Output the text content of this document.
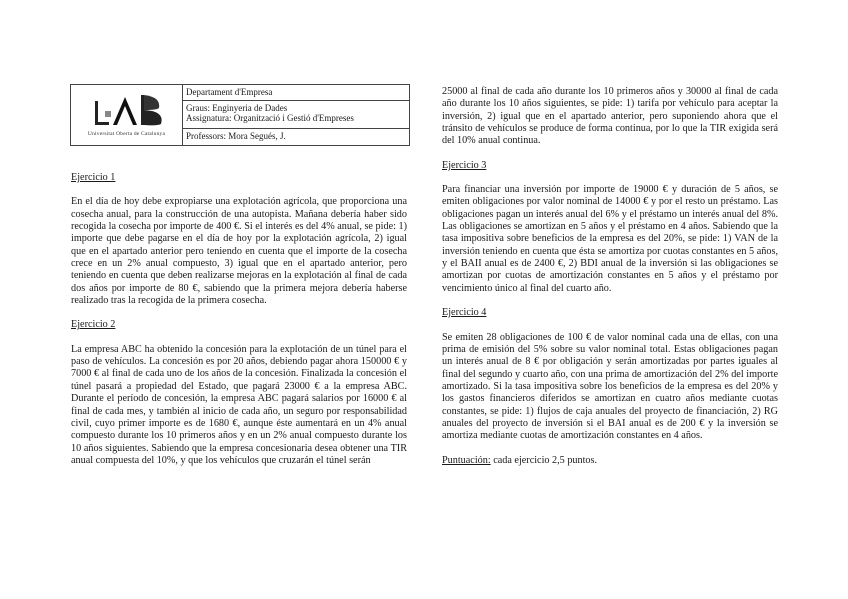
Universitat Oberta de Catalunya
Departament d'Empresa
Graus: Enginyeria de Dades
Assignatura: Organització i Gestió d'Empreses
Professors: Mora Segués, J.
Ejercicio 1

En el día de hoy debe expropiarse una explotación agrícola, que proporciona una cosecha anual, para la construcción de una autopista. Mañana debería haber sido recogida la cosecha por importe de 400 €. Si el interés es del 4% anual, se pide: 1) importe que debe pagarse en el día de hoy por la explotación agrícola, 2) igual que en el apartado anterior pero teniendo en cuenta que el importe de la cosecha crece en un 2% anual compuesto, 3) igual que en el apartado anterior, pero teniendo en cuenta que deben realizarse mejoras en la explotación al final de cada dos años por importe de 80 €, sabiendo que la primera mejora debería haberse realizado tras la recogida de la primera cosecha.

Ejercicio 2

La empresa ABC ha obtenido la concesión para la explotación de un túnel para el paso de vehículos. La concesión es por 20 años, debiendo pagar ahora 150000 € y 7000 € al final de cada uno de los años de la concesión. Finalizada la concesión el túnel pasará a propiedad del Estado, que pagará 23000 € a la empresa ABC. Durante el período de concesión, la empresa ABC pagará salarios por 16000 € al final de cada mes, y también al inicio de cada año, un seguro por responsabilidad civil, cuyo primer importe es de 1680 €, aunque éste aumentará en un 4% anual compuesto durante los 10 primeros años y en un 2% anual compuesto durante los 10 años siguientes. Sabiendo que la empresa concesionaria desea obtener una TIR anual compuesta del 10%, y que los vehículos que cruzarán el túnel serán

25000 al final de cada año durante los 10 primeros años y 30000 al final de cada año durante los 10 años siguientes, se pide: 1) tarifa por vehículo para aceptar la inversión, 2) igual que en el apartado anterior, pero suponiendo ahora que el tránsito de vehículos se produce de forma continua, por lo que la TIR exigida será del 10% anual continua.

Ejercicio 3

Para financiar una inversión por importe de 19000 € y duración de 5 años, se emiten obligaciones por valor nominal de 14000 € y por el resto un préstamo. Las obligaciones pagan un interés anual del 6% y el préstamo un interés anual del 8%. Las obligaciones se amortizan en 5 años y el préstamo en 4 años. Sabiendo que la tasa impositiva sobre beneficios de la empresa es del 20%, se pide: 1) VAN de la inversión teniendo en cuenta que ésta se amortiza por cuotas constantes en 5 años, y el BAII anual es de 2400 €, 2) BDI anual de la inversión si las obligaciones se amortizan por cuotas de amortización constantes en 5 años y el préstamo por vencimiento único al final del cuarto año.

Ejercicio 4

Se emiten 28 obligaciones de 100 € de valor nominal cada una de ellas, con una prima de emisión del 5% sobre su valor nominal total. Estas obligaciones pagan un interés anual de 8 € por obligación y serán amortizadas por partes iguales al final del segundo y cuarto año, con una prima de amortización del 2% del importe amortizado. Si la tasa impositiva sobre los beneficios de la empresa es del 20% y los gastos financieros diferidos se amortizan en cuatro años mediante cuotas constantes, se pide: 1) flujos de caja anuales del proyecto de financiación, 2) RG anuales del proyecto de inversión si el BAI anual es de 200 € y la inversión se amortiza mediante cuotas de amortización constantes en 4 años.

Puntuación: cada ejercicio 2,5 puntos.
